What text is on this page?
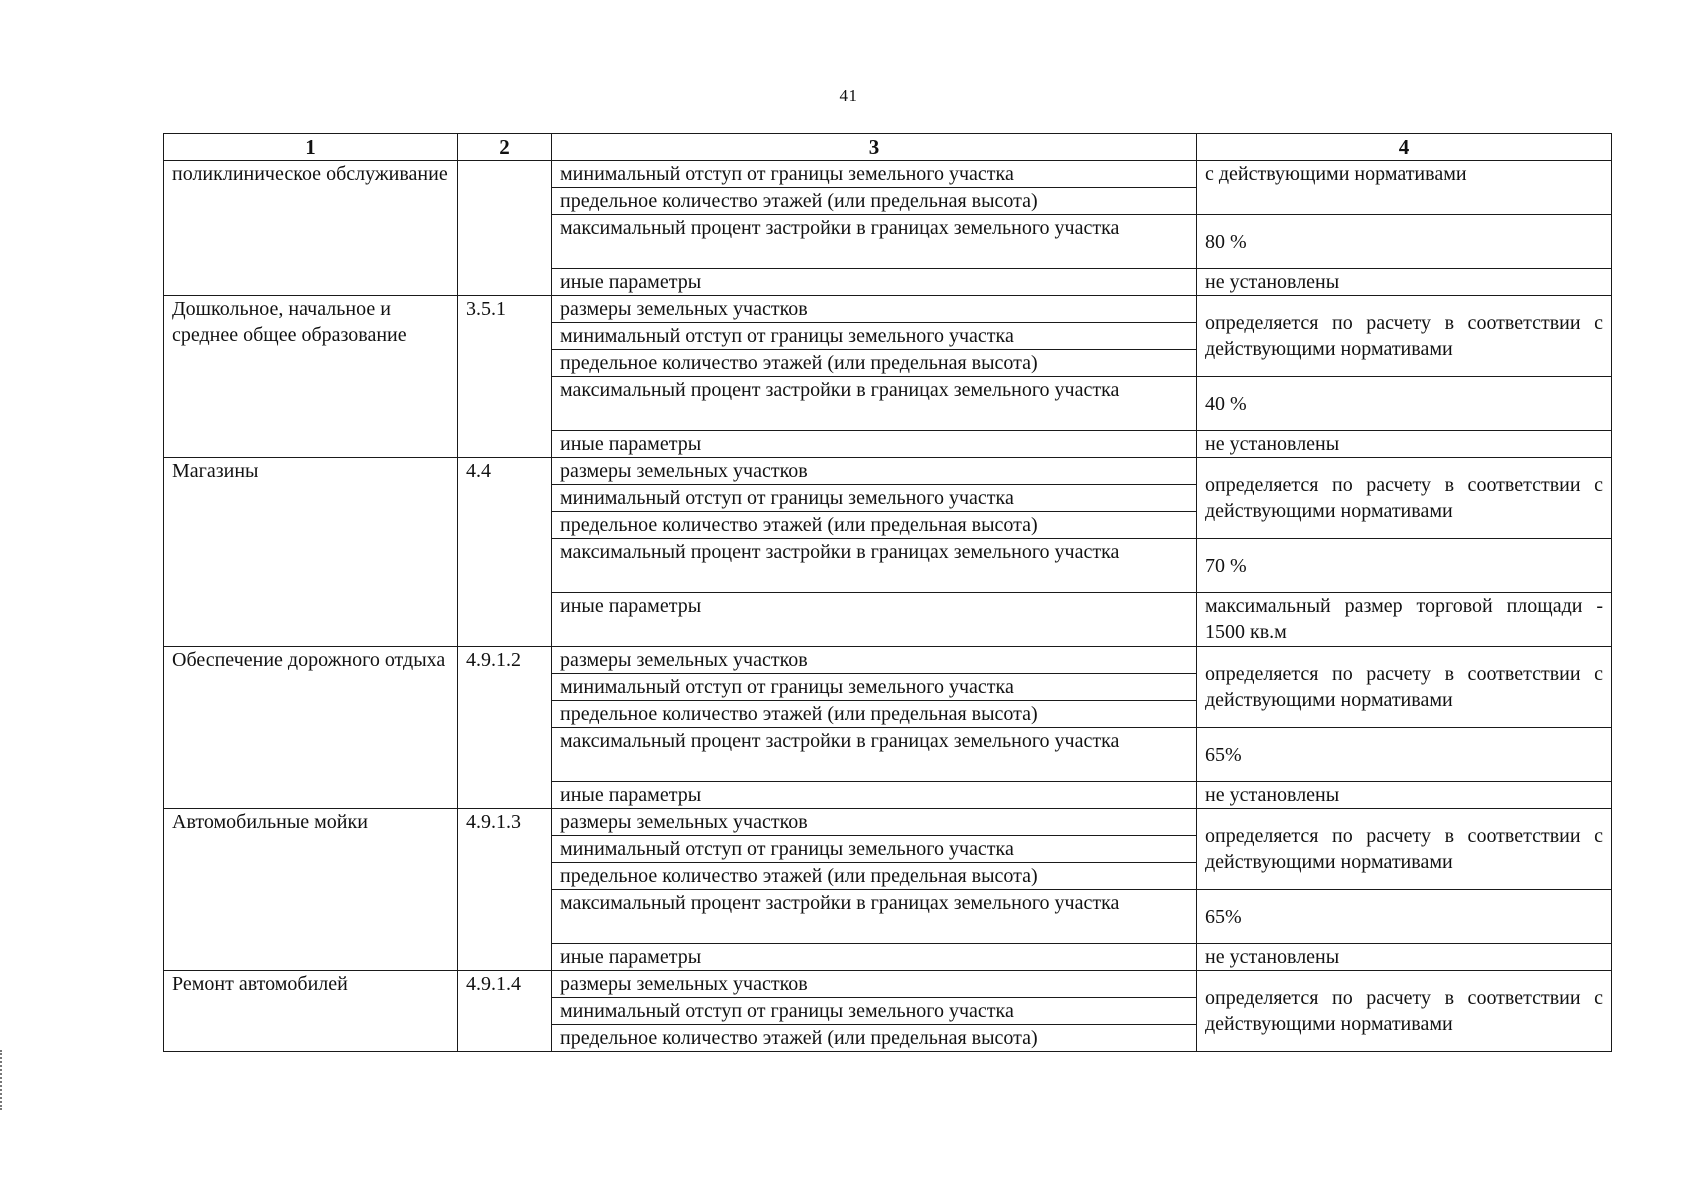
41
1	2	3	4
поликлиническое обслуживание		минимальный отступ от границы земельного участка	с действующими нормативами
		предельное количество этажей (или предельная высота)	
		максимальный процент застройки в границах земельного участка	80 %
		иные параметры	не установлены
Дошкольное, начальное и среднее общее образование	3.5.1	размеры земельных участков	определяется по расчету в соответствии с действующими нормативами
		минимальный отступ от границы земельного участка	
		предельное количество этажей (или предельная высота)	
		максимальный процент застройки в границах земельного участка	40 %
		иные параметры	не установлены
Магазины	4.4	размеры земельных участков	определяется по расчету в соответствии с действующими нормативами
		минимальный отступ от границы земельного участка	
		предельное количество этажей (или предельная высота)	
		максимальный процент застройки в границах земельного участка	70 %
		иные параметры	максимальный размер торговой площади - 1500 кв.м
Обеспечение дорожного отдыха	4.9.1.2	размеры земельных участков	определяется по расчету в соответствии с действующими нормативами
		минимальный отступ от границы земельного участка	
		предельное количество этажей (или предельная высота)	
		максимальный процент застройки в границах земельного участка	65%
		иные параметры	не установлены
Автомобильные мойки	4.9.1.3	размеры земельных участков	определяется по расчету в соответствии с действующими нормативами
		минимальный отступ от границы земельного участка	
		предельное количество этажей (или предельная высота)	
		максимальный процент застройки в границах земельного участка	65%
		иные параметры	не установлены
Ремонт автомобилей	4.9.1.4	размеры земельных участков	определяется по расчету в соответствии с действующими нормативами
		минимальный отступ от границы земельного участка	
		предельное количество этажей (или предельная высота)	
